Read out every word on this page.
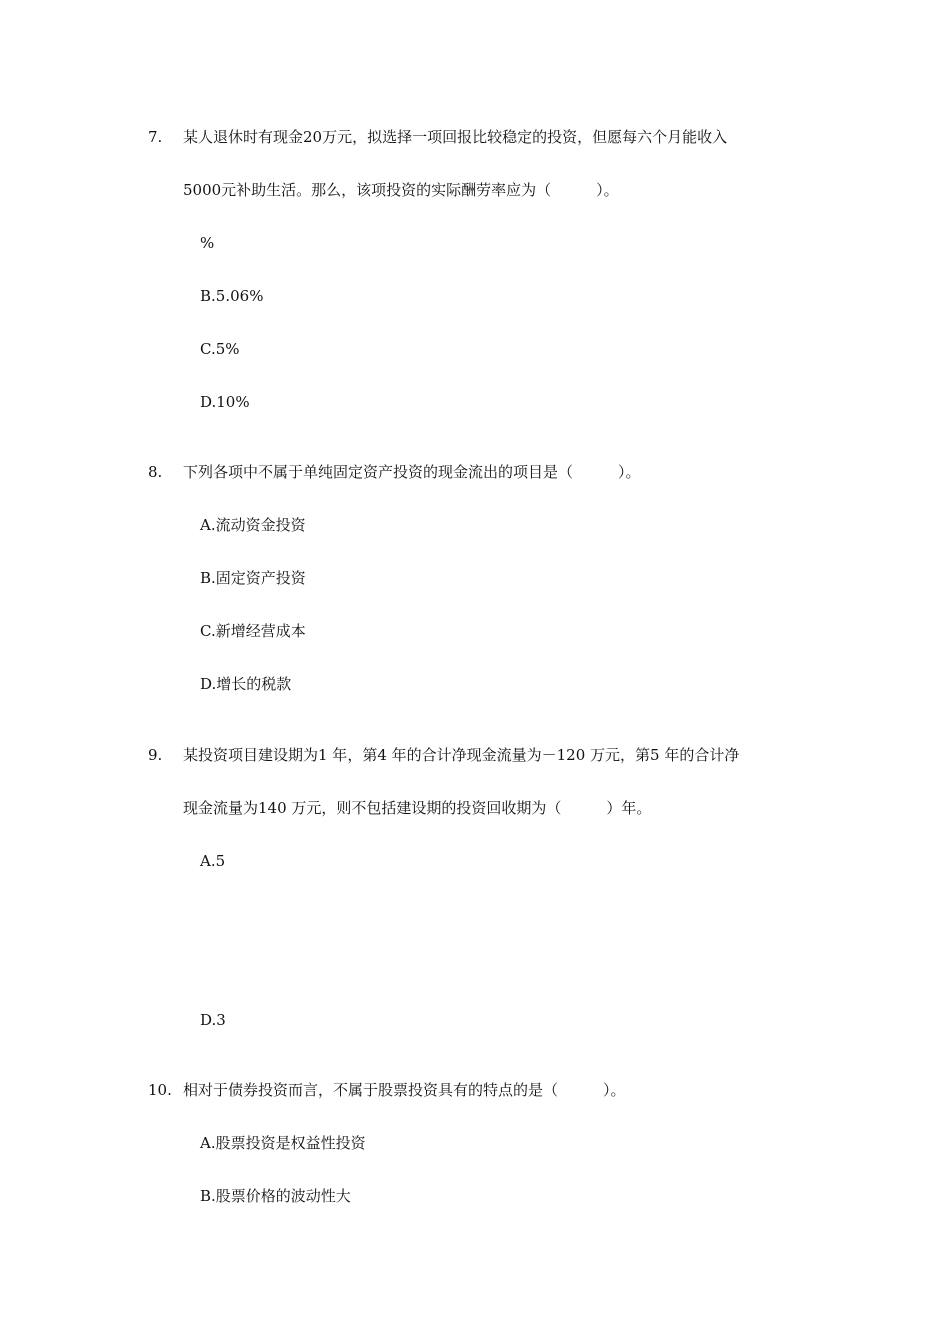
7. 某人退休时有现金20万元，拟选择一项回报比较稳定的投资，但愿每六个月能收入
5000元补助生活。那么，该项投资的实际酬劳率应为（　　　）。
%
B.5.06%
C.5%
D.10%
8. 下列各项中不属于单纯固定资产投资的现金流出的项目是（　　　）。
A.流动资金投资
B.固定资产投资
C.新增经营成本
D.增长的税款
9. 某投资项目建设期为1 年，第4 年的合计净现金流量为－120 万元，第5 年的合计净
现金流量为140 万元，则不包括建设期的投资回收期为（　　　）年。
A.5
D.3
10. 相对于债券投资而言，不属于股票投资具有的特点的是（　　　）。
A.股票投资是权益性投资
B.股票价格的波动性大
